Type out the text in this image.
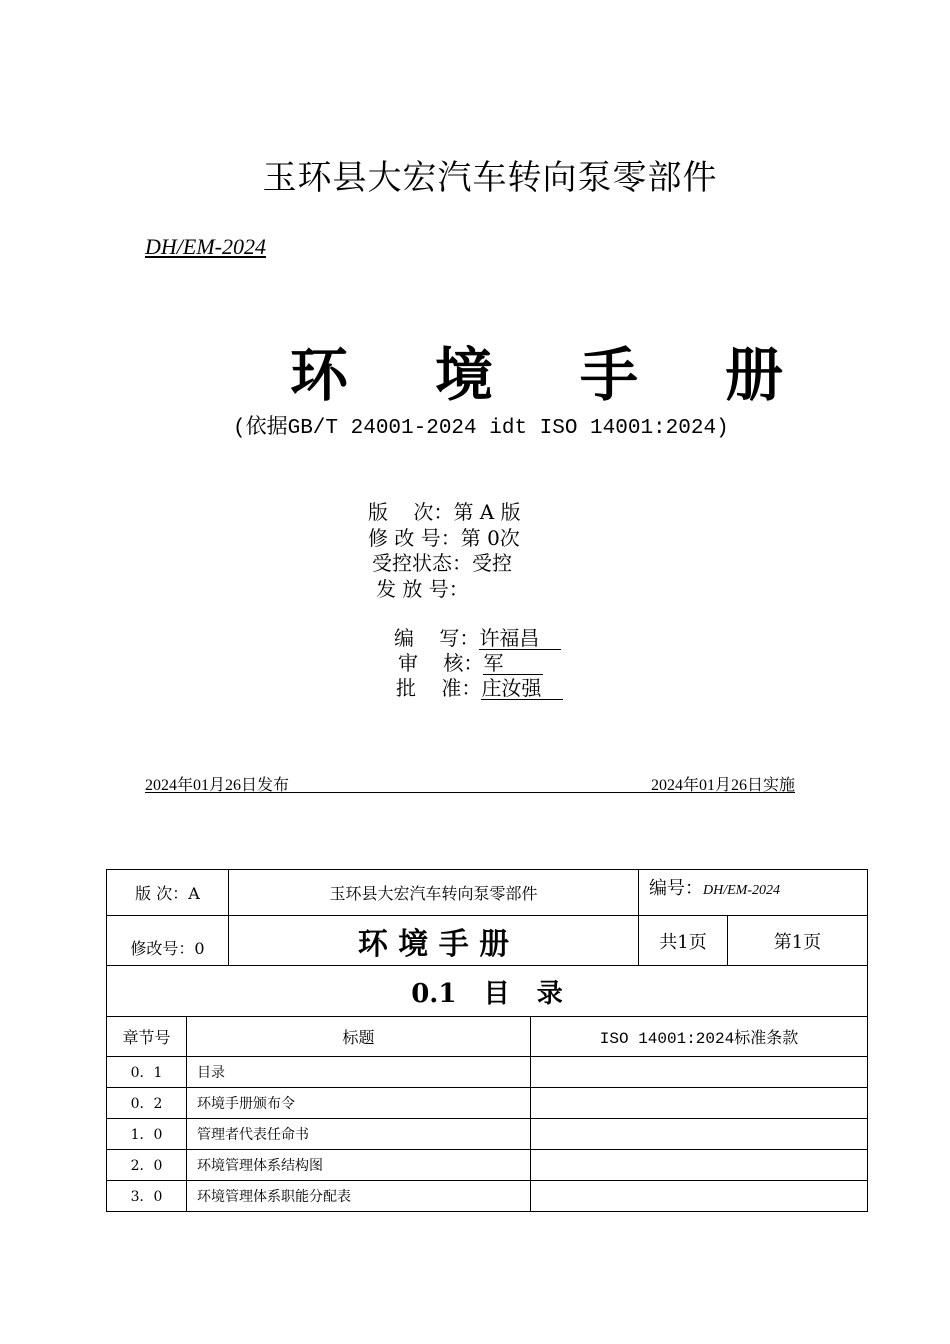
玉环县大宏汽车转向泵零部件
DH/EM-2024
环 境 手 册
(依据GB/T 24001-2024 idt ISO 14001:2024)
版    次：第 A 版
修 改 号：第 0次
受控状态：受控
发 放 号：
编    写：许福昌
审    核：军
批    准：庄汝强
2024年01月26日发布	2024年01月26日实施
版 次：A	玉环县大宏汽车转向泵零部件	编号：DH/EM-2024	
修改号：0	环 境 手 册	共1页	第1页
0.1   目   录			
章节号	标题	ISO 14001:2024标准条款
0．1	目录	
0．2	环境手册颁布令	
1．0	管理者代表任命书	
2．0	环境管理体系结构图	
3．0	环境管理体系职能分配表	
